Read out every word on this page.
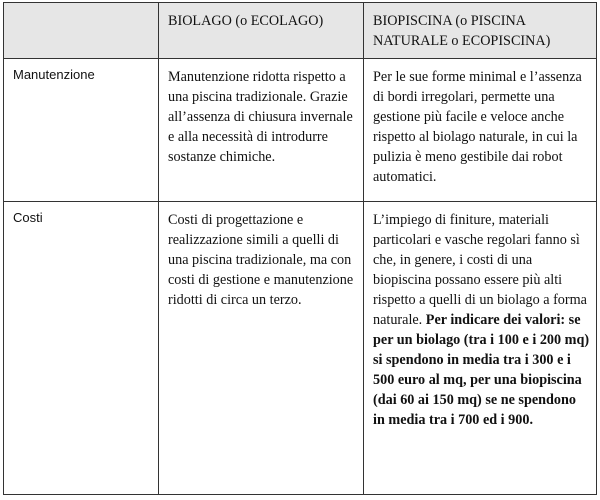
	BIOLAGO (o ECOLAGO)	BIOPISCINA (o PISCINA NATURALE o ECOPISCINA)
Manutenzione	Manutenzione ridotta rispetto a una piscina tradizionale. Grazie all’assenza di chiusura invernale e alla necessità di introdurre sostanze chimiche.	Per le sue forme minimal e l’assenza di bordi irregolari, permette una gestione più facile e veloce anche rispetto al biolago naturale, in cui la pulizia è meno gestibile dai robot automatici.
Costi	Costi di progettazione e realizzazione simili a quelli di una piscina tradizionale, ma con costi di gestione e manutenzione ridotti di circa un terzo.	L’impiego di finiture, materiali particolari e vasche regolari fanno sì che, in genere, i costi di una biopiscina possano essere più alti rispetto a quelli di un biolago a forma naturale. Per indicare dei valori: se per un biolago (tra i 100 e i 200 mq) si spendono in media tra i 300 e i 500 euro al mq, per una biopiscina (dai 60 ai 150 mq) se ne spendono in media tra i 700 ed i 900.
